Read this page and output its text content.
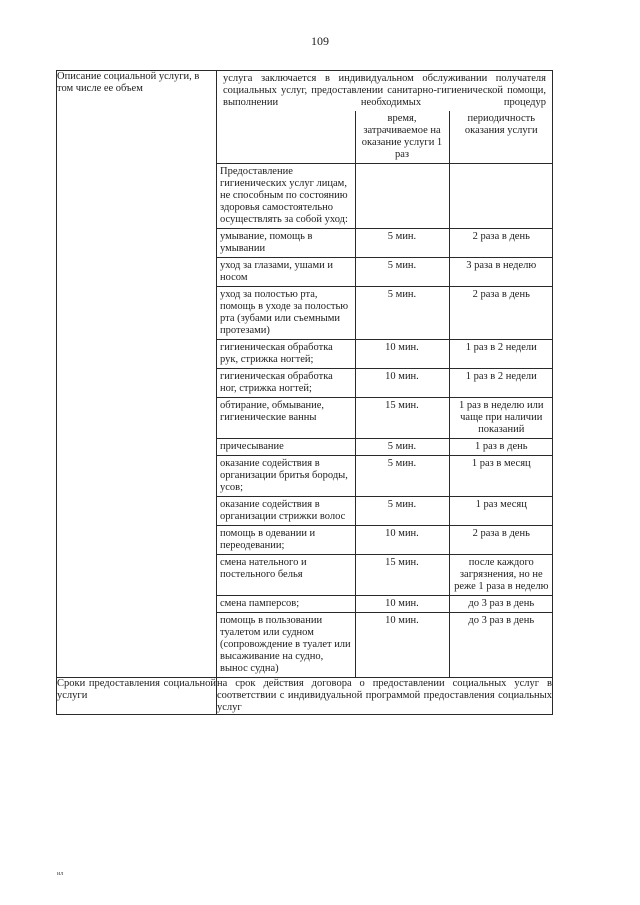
109
Описание социальной услуги, в том числе ее объем	
услуга заключается в индивидуальном обслуживании получателя социальных услуг, предоставлении санитарно-гигиенической помощи, выполнении необходимых процедур
	время, затрачиваемое на оказание услуги 1 раз	периодичность оказания услуги
Предоставление гигиенических услуг лицам, не способным по состоянию здоровья самостоятельно осуществлять за собой уход:		
умывание, помощь в умывании	5 мин.	2 раза в день
уход за глазами, ушами и носом	5 мин.	3 раза в неделю
уход за полостью рта, помощь в уходе за полостью рта (зубами или съемными протезами)	5 мин.	2 раза в день
гигиеническая обработка рук, стрижка ногтей;	10 мин.	1 раз в 2 недели
гигиеническая обработка ног, стрижка ногтей;	10 мин.	1 раз в 2 недели
обтирание, обмывание, гигиенические ванны	15 мин.	1 раз в неделю или чаще при наличии показаний
причесывание	5 мин.	1 раз в день
оказание содействия в организации бритья бороды, усов;	5 мин.	1 раз в месяц
оказание содействия в организации стрижки волос	5 мин.	1 раз месяц
помощь в одевании и переодевании;	10 мин.	2 раза в день
смена нательного и постельного белья	15 мин.	после каждого загрязнения, но не реже 1 раза в неделю
смена памперсов;	10 мин.	до 3 раз в день
помощь в пользовании туалетом или судном (сопровождение в туалет или высаживание на судно, вынос судна)	10 мин.	до 3 раз в день

Сроки предоставления социальной услуги	на срок действия договора о предоставлении социальных услуг в соответствии с индивидуальной программой предоставления социальных услуг
ил
